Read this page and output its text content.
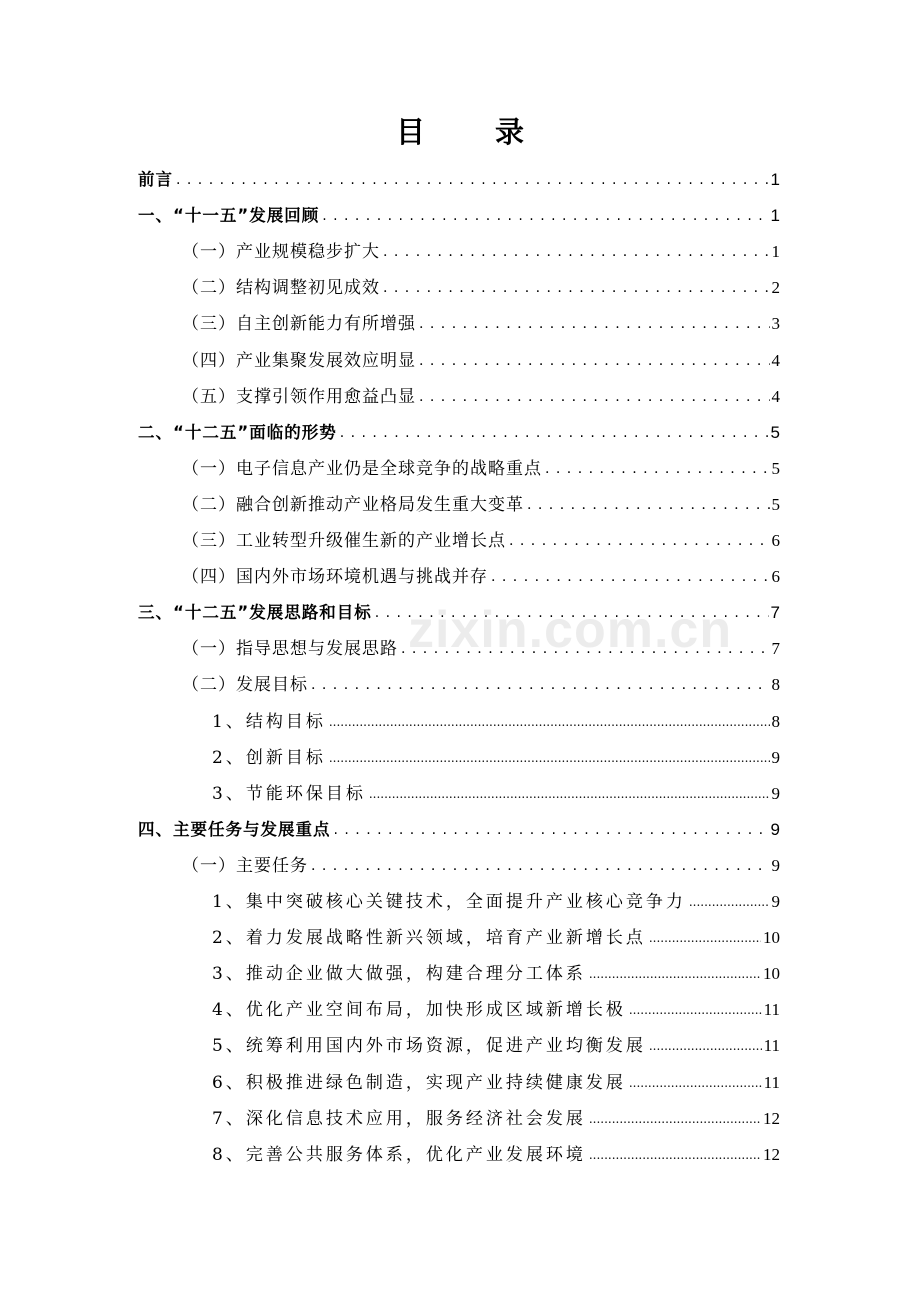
目 录
前言 . . .	1
一、“十一五”发展回顾 . . .	1
（一）产业规模稳步扩大 . . .	1
（二）结构调整初见成效 . . .	2
（三）自主创新能力有所增强 . . .	3
（四）产业集聚发展效应明显 . . .	4
（五）支撑引领作用愈益凸显 . . .	4
二、“十二五”面临的形势 . . .	5
（一）电子信息产业仍是全球竞争的战略重点 . . .	5
（二）融合创新推动产业格局发生重大变革 . . .	5
（三）工业转型升级催生新的产业增长点 . . .	6
（四）国内外市场环境机遇与挑战并存 . . .	6
三、“十二五”发展思路和目标 . . .	7
（一）指导思想与发展思路 . . .	7
（二）发展目标 . . .	8
1、结构目标 .....	8
2、创新目标 .....	9
3、节能环保目标 .....	9
四、主要任务与发展重点 . . .	9
（一）主要任务 . . .	9
1、集中突破核心关键技术，全面提升产业核心竞争力 .....	9
2、着力发展战略性新兴领域，培育产业新增长点 .....	10
3、推动企业做大做强，构建合理分工体系 .....	10
4、优化产业空间布局，加快形成区域新增长极 .....	11
5、统筹利用国内外市场资源，促进产业均衡发展 .....	11
6、积极推进绿色制造，实现产业持续健康发展 .....	11
7、深化信息技术应用，服务经济社会发展 .....	12
8、完善公共服务体系，优化产业发展环境 .....	12
zixin.com.cn
